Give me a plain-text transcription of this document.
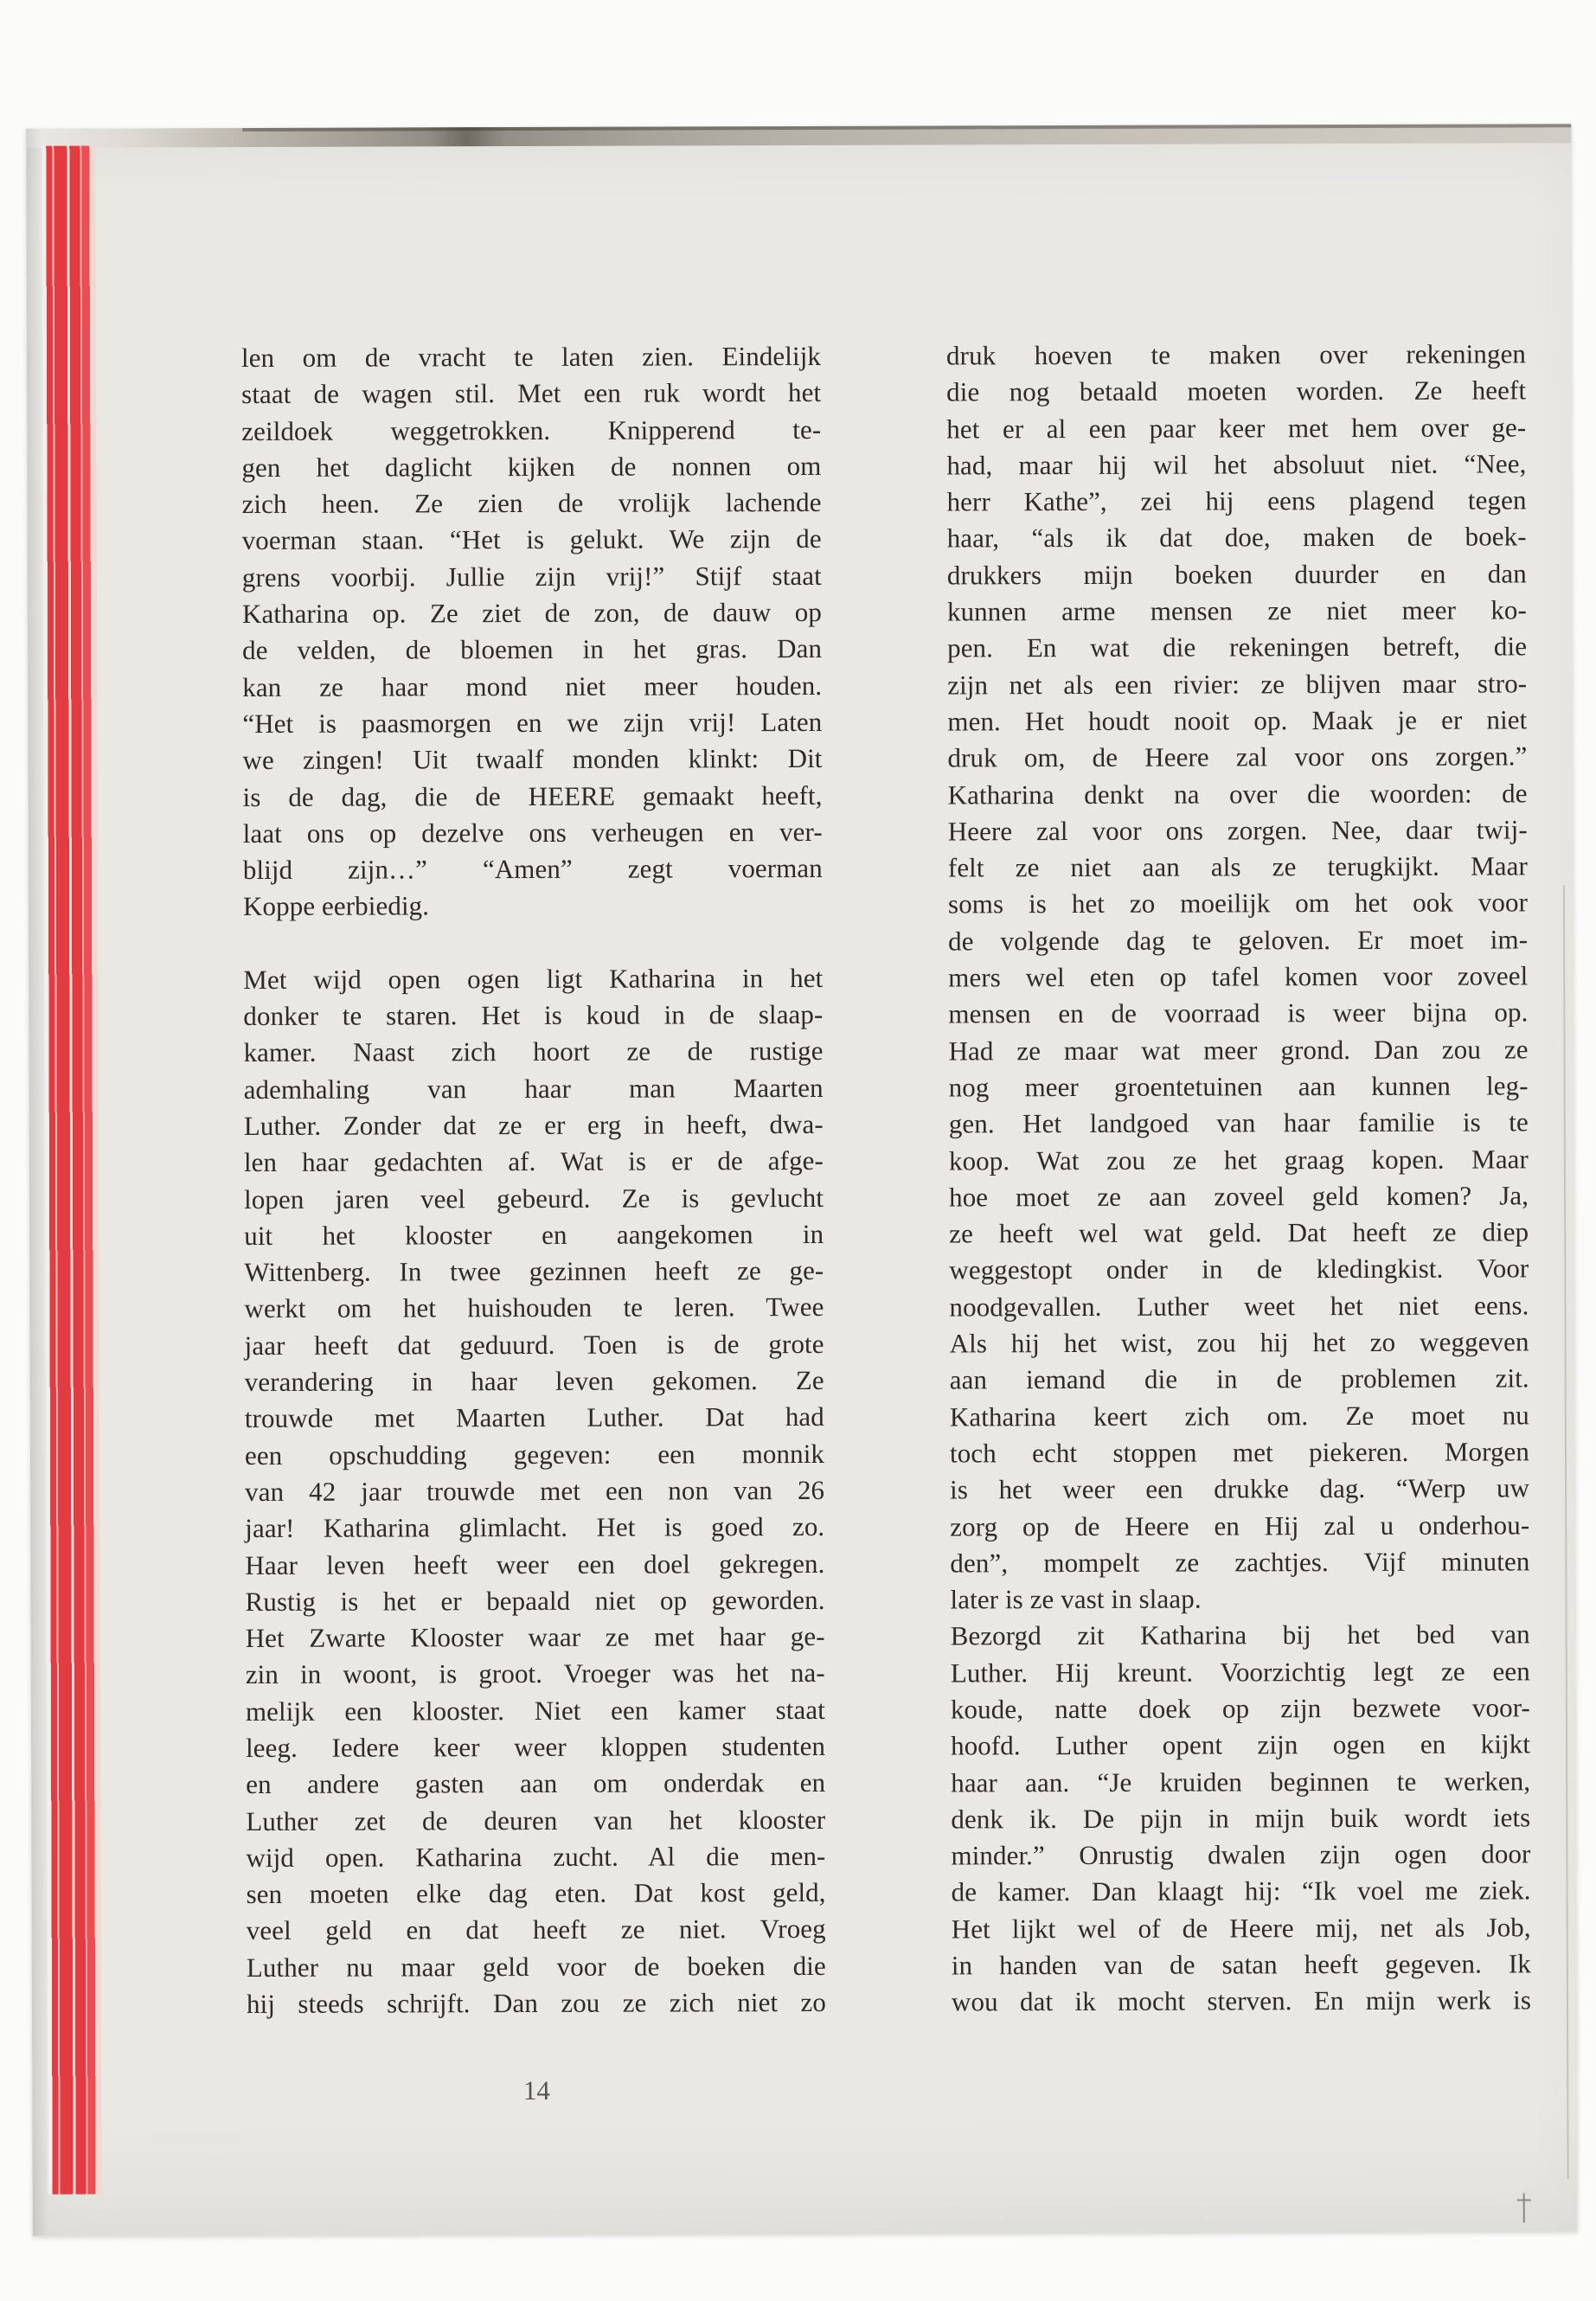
len om de vracht te laten zien. Eindelijk
staat de wagen stil. Met een ruk wordt het
zeildoek weggetrokken. Knipperend te-
gen het daglicht kijken de nonnen om
zich heen. Ze zien de vrolijk lachende
voerman staan. “Het is gelukt. We zijn de
grens voorbij. Jullie zijn vrij!” Stijf staat
Katharina op. Ze ziet de zon, de dauw op
de velden, de bloemen in het gras. Dan
kan ze haar mond niet meer houden.
“Het is paasmorgen en we zijn vrij! Laten
we zingen! Uit twaalf monden klinkt: Dit
is de dag, die de HEERE gemaakt heeft,
laat ons op dezelve ons verheugen en ver-
blijd zijn…” “Amen” zegt voerman
Koppe eerbiedig.
Met wijd open ogen ligt Katharina in het
donker te staren. Het is koud in de slaap-
kamer. Naast zich hoort ze de rustige
ademhaling van haar man Maarten
Luther. Zonder dat ze er erg in heeft, dwa-
len haar gedachten af. Wat is er de afge-
lopen jaren veel gebeurd. Ze is gevlucht
uit het klooster en aangekomen in
Wittenberg. In twee gezinnen heeft ze ge-
werkt om het huishouden te leren. Twee
jaar heeft dat geduurd. Toen is de grote
verandering in haar leven gekomen. Ze
trouwde met Maarten Luther. Dat had
een opschudding gegeven: een monnik
van 42 jaar trouwde met een non van 26
jaar! Katharina glimlacht. Het is goed zo.
Haar leven heeft weer een doel gekregen.
Rustig is het er bepaald niet op geworden.
Het Zwarte Klooster waar ze met haar ge-
zin in woont, is groot. Vroeger was het na-
melijk een klooster. Niet een kamer staat
leeg. Iedere keer weer kloppen studenten
en andere gasten aan om onderdak en
Luther zet de deuren van het klooster
wijd open. Katharina zucht. Al die men-
sen moeten elke dag eten. Dat kost geld,
veel geld en dat heeft ze niet. Vroeg
Luther nu maar geld voor de boeken die
hij steeds schrijft. Dan zou ze zich niet zo
druk hoeven te maken over rekeningen
die nog betaald moeten worden. Ze heeft
het er al een paar keer met hem over ge-
had, maar hij wil het absoluut niet. “Nee,
herr Kathe”, zei hij eens plagend tegen
haar, “als ik dat doe, maken de boek-
drukkers mijn boeken duurder en dan
kunnen arme mensen ze niet meer ko-
pen. En wat die rekeningen betreft, die
zijn net als een rivier: ze blijven maar stro-
men. Het houdt nooit op. Maak je er niet
druk om, de Heere zal voor ons zorgen.”
Katharina denkt na over die woorden: de
Heere zal voor ons zorgen. Nee, daar twij-
felt ze niet aan als ze terugkijkt. Maar
soms is het zo moeilijk om het ook voor
de volgende dag te geloven. Er moet im-
mers wel eten op tafel komen voor zoveel
mensen en de voorraad is weer bijna op.
Had ze maar wat meer grond. Dan zou ze
nog meer groentetuinen aan kunnen leg-
gen. Het landgoed van haar familie is te
koop. Wat zou ze het graag kopen. Maar
hoe moet ze aan zoveel geld komen? Ja,
ze heeft wel wat geld. Dat heeft ze diep
weggestopt onder in de kledingkist. Voor
noodgevallen. Luther weet het niet eens.
Als hij het wist, zou hij het zo weggeven
aan iemand die in de problemen zit.
Katharina keert zich om. Ze moet nu
toch echt stoppen met piekeren. Morgen
is het weer een drukke dag. “Werp uw
zorg op de Heere en Hij zal u onderhou-
den”, mompelt ze zachtjes. Vijf minuten
later is ze vast in slaap.
Bezorgd zit Katharina bij het bed van
Luther. Hij kreunt. Voorzichtig legt ze een
koude, natte doek op zijn bezwete voor-
hoofd. Luther opent zijn ogen en kijkt
haar aan. “Je kruiden beginnen te werken,
denk ik. De pijn in mijn buik wordt iets
minder.” Onrustig dwalen zijn ogen door
de kamer. Dan klaagt hij: “Ik voel me ziek.
Het lijkt wel of de Heere mij, net als Job,
in handen van de satan heeft gegeven. Ik
wou dat ik mocht sterven. En mijn werk is
14
